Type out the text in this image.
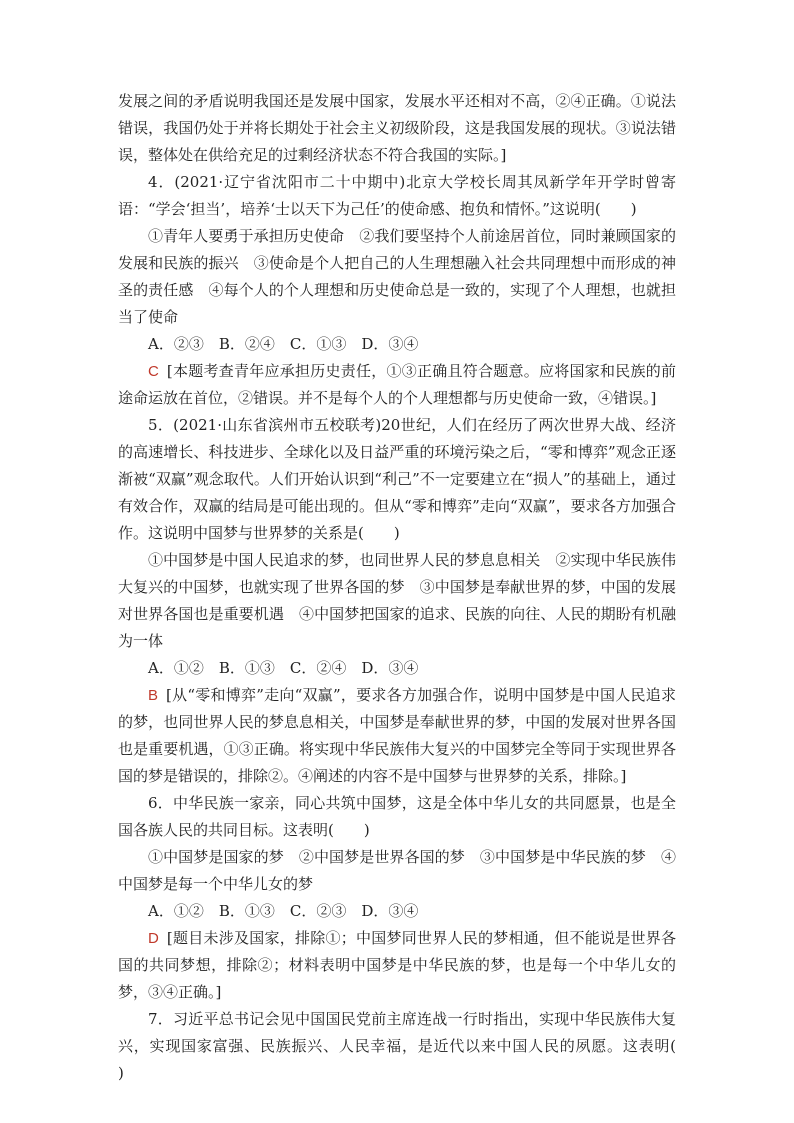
发展之间的矛盾说明我国还是发展中国家，发展水平还相对不高，②④正确。①说法错误，我国仍处于并将长期处于社会主义初级阶段，这是我国发展的现状。③说法错误，整体处在供给充足的过剩经济状态不符合我国的实际。]

4．(2021·辽宁省沈阳市二十中期中)北京大学校长周其凤新学年开学时曾寄语：“学会‘担当’，培养‘士以天下为己任’的使命感、抱负和情怀。”这说明(　　)

①青年人要勇于承担历史使命　②我们要坚持个人前途居首位，同时兼顾国家的发展和民族的振兴　③使命是个人把自己的人生理想融入社会共同理想中而形成的神圣的责任感　④每个人的个人理想和历史使命总是一致的，实现了个人理想，也就担当了使命

A．②③　B．②④　C．①③　D．③④

C [本题考查青年应承担历史责任，①③正确且符合题意。应将国家和民族的前途命运放在首位，②错误。并不是每个人的个人理想都与历史使命一致，④错误。]

5．(2021·山东省滨州市五校联考)20世纪，人们在经历了两次世界大战、经济的高速增长、科技进步、全球化以及日益严重的环境污染之后，“零和博弈”观念正逐渐被“双赢”观念取代。人们开始认识到“利己”不一定要建立在“损人”的基础上，通过有效合作，双赢的结局是可能出现的。但从“零和博弈”走向“双赢”，要求各方加强合作。这说明中国梦与世界梦的关系是(　　)

①中国梦是中国人民追求的梦，也同世界人民的梦息息相关　②实现中华民族伟大复兴的中国梦，也就实现了世界各国的梦　③中国梦是奉献世界的梦，中国的发展对世界各国也是重要机遇　④中国梦把国家的追求、民族的向往、人民的期盼有机融为一体

A．①②　B．①③　C．②④　D．③④

B [从“零和博弈”走向“双赢”，要求各方加强合作，说明中国梦是中国人民追求的梦，也同世界人民的梦息息相关，中国梦是奉献世界的梦，中国的发展对世界各国也是重要机遇，①③正确。将实现中华民族伟大复兴的中国梦完全等同于实现世界各国的梦是错误的，排除②。④阐述的内容不是中国梦与世界梦的关系，排除。]

6．中华民族一家亲，同心共筑中国梦，这是全体中华儿女的共同愿景，也是全国各族人民的共同目标。这表明(　　)

①中国梦是国家的梦　②中国梦是世界各国的梦　③中国梦是中华民族的梦　④中国梦是每一个中华儿女的梦

A．①②　B．①③　C．②③　D．③④

D [题目未涉及国家，排除①；中国梦同世界人民的梦相通，但不能说是世界各国的共同梦想，排除②；材料表明中国梦是中华民族的梦，也是每一个中华儿女的梦，③④正确。]

7．习近平总书记会见中国国民党前主席连战一行时指出，实现中华民族伟大复兴，实现国家富强、民族振兴、人民幸福，是近代以来中国人民的夙愿。这表明(　　)
